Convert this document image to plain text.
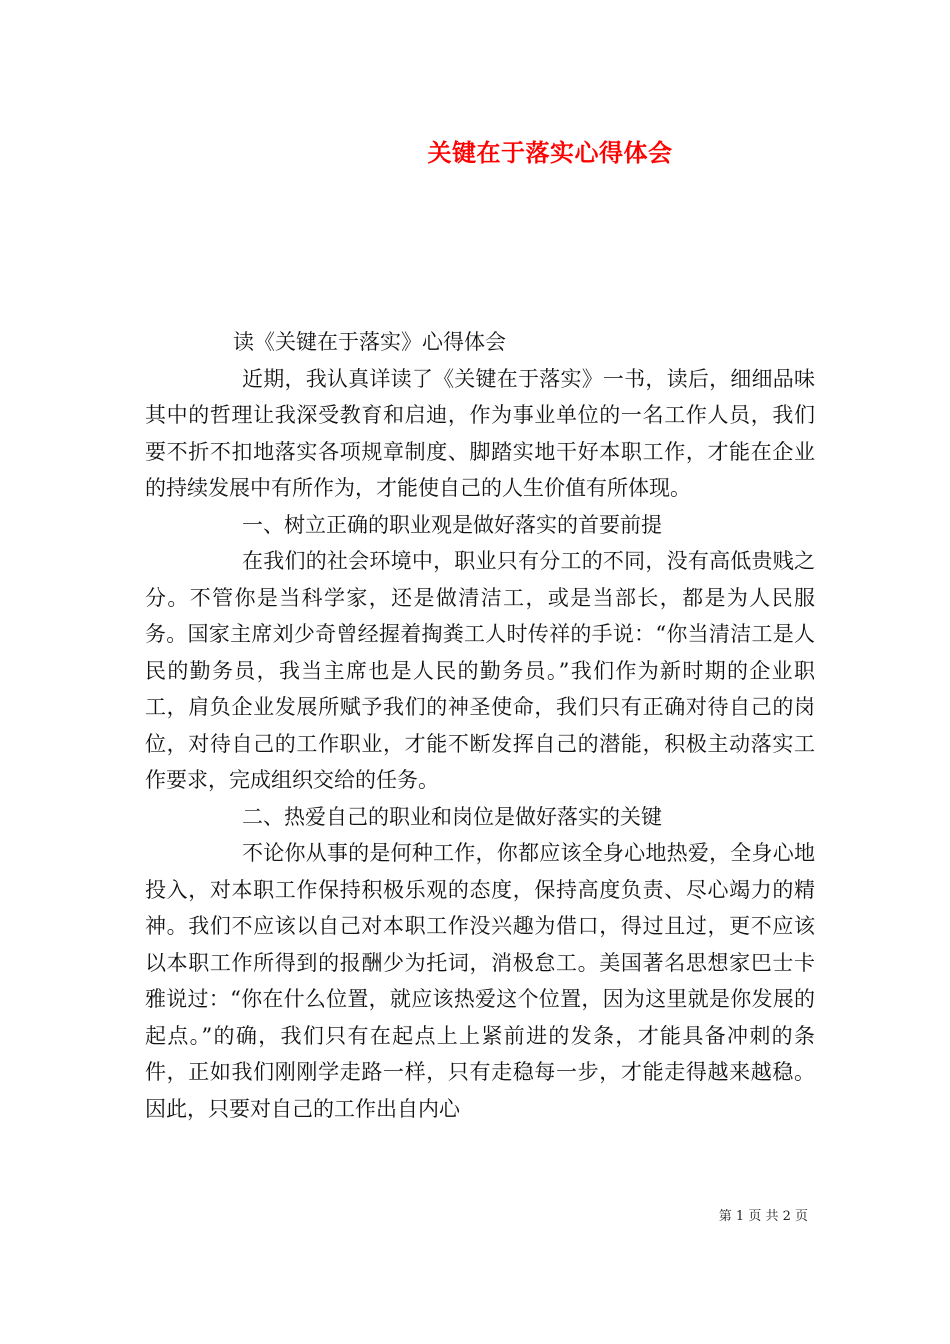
关键在于落实心得体会

读《关键在于落实》心得体会

近期，我认真详读了《关键在于落实》一书，读后，细细品味其中的哲理让我深受教育和启迪，作为事业单位的一名工作人员，我们要不折不扣地落实各项规章制度、脚踏实地干好本职工作，才能在企业的持续发展中有所作为，才能使自己的人生价值有所体现。

一、树立正确的职业观是做好落实的首要前提

在我们的社会环境中，职业只有分工的不同，没有高低贵贱之分。不管你是当科学家，还是做清洁工，或是当部长，都是为人民服务。国家主席刘少奇曾经握着掏粪工人时传祥的手说：“你当清洁工是人民的勤务员，我当主席也是人民的勤务员。”我们作为新时期的企业职工，肩负企业发展所赋予我们的神圣使命，我们只有正确对待自己的岗位，对待自己的工作职业，才能不断发挥自己的潜能，积极主动落实工作要求，完成组织交给的任务。

二、热爱自己的职业和岗位是做好落实的关键

不论你从事的是何种工作，你都应该全身心地热爱，全身心地投入，对本职工作保持积极乐观的态度，保持高度负责、尽心竭力的精神。我们不应该以自己对本职工作没兴趣为借口，得过且过，更不应该以本职工作所得到的报酬少为托词，消极怠工。美国著名思想家巴士卡雅说过：“你在什么位置，就应该热爱这个位置，因为这里就是你发展的起点。”的确，我们只有在起点上上紧前进的发条，才能具备冲刺的条件，正如我们刚刚学走路一样，只有走稳每一步，才能走得越来越稳。因此，只要对自己的工作出自内心

第 1 页 共 2 页
